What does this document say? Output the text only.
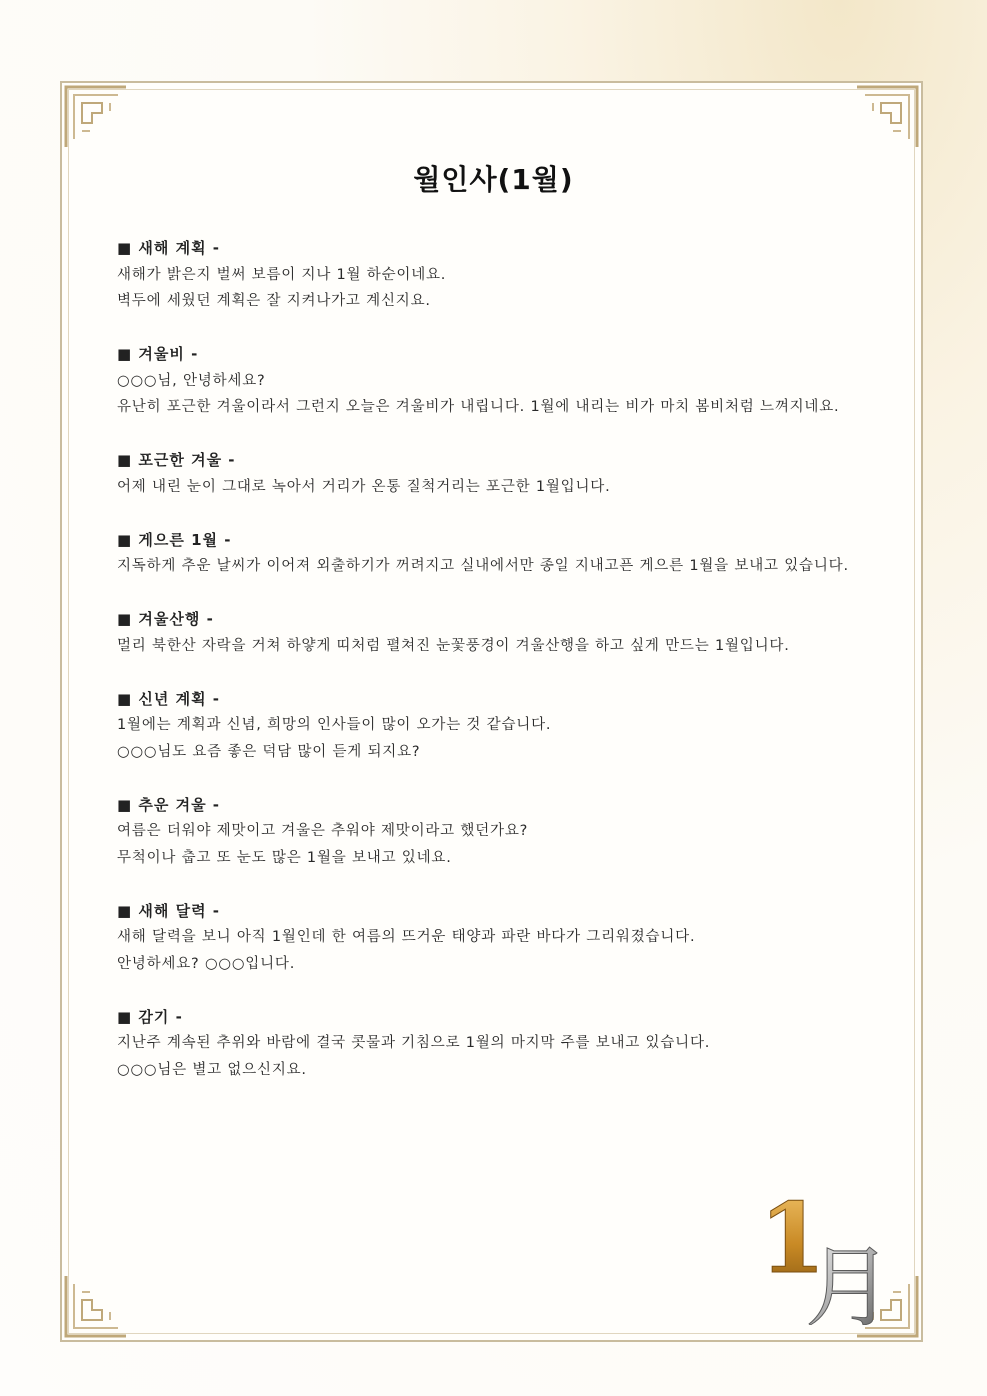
월인사(1월)
■ 새해 계획 -
새해가 밝은지 벌써 보름이 지나 1월 하순이네요.
벽두에 세웠던 계획은 잘 지켜나가고 계신지요.
■ 겨울비 -
○○○님, 안녕하세요?
유난히 포근한 겨울이라서 그런지 오늘은 겨울비가 내립니다. 1월에 내리는 비가 마치 봄비처럼 느껴지네요.
■ 포근한 겨울 -
어제 내린 눈이 그대로 녹아서 거리가 온통 질척거리는 포근한 1월입니다.
■ 게으른 1월 -
지독하게 추운 날씨가 이어져 외출하기가 꺼려지고 실내에서만 종일 지내고픈 게으른 1월을 보내고 있습니다.
■ 겨울산행 -
멀리 북한산 자락을 거쳐 하얗게 띠처럼 펼쳐진 눈꽃풍경이 겨울산행을 하고 싶게 만드는 1월입니다.
■ 신년 계획 -
1월에는 계획과 신념, 희망의 인사들이 많이 오가는 것 같습니다.
○○○님도 요즘 좋은 덕담 많이 듣게 되지요?
■ 추운 겨울 -
여름은 더워야 제맛이고 겨울은 추워야 제맛이라고 했던가요?
무척이나 춥고 또 눈도 많은 1월을 보내고 있네요.
■ 새해 달력 -
새해 달력을 보니 아직 1월인데 한 여름의 뜨거운 태양과 파란 바다가 그리워졌습니다.
안녕하세요? ○○○입니다.
■ 감기 -
지난주 계속된 추위와 바람에 결국 콧물과 기침으로 1월의 마지막 주를 보내고 있습니다.
○○○님은 별고 없으신지요.
1
月
